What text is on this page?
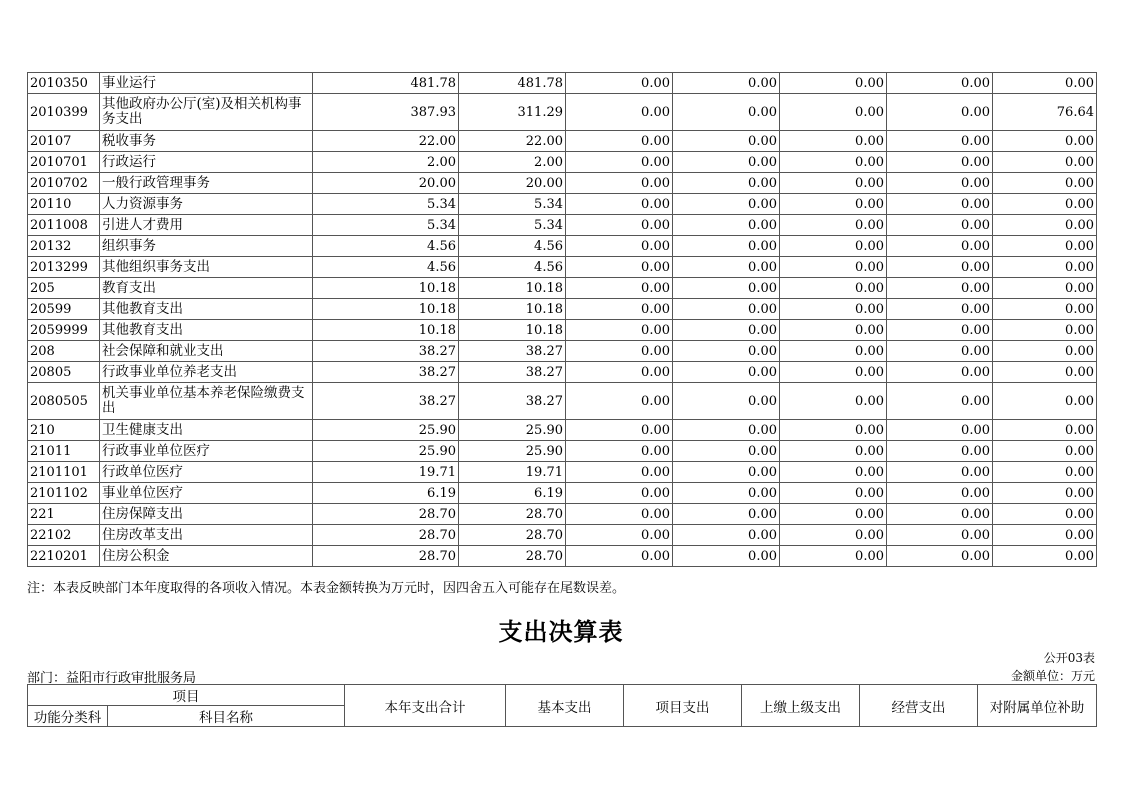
2010350	事业运行	481.78	481.78	0.00	0.00	0.00	0.00	0.00
2010399	其他政府办公厅(室)及相关机构事务支出	387.93	311.29	0.00	0.00	0.00	0.00	76.64
20107	税收事务	22.00	22.00	0.00	0.00	0.00	0.00	0.00
2010701	行政运行	2.00	2.00	0.00	0.00	0.00	0.00	0.00
2010702	一般行政管理事务	20.00	20.00	0.00	0.00	0.00	0.00	0.00
20110	人力资源事务	5.34	5.34	0.00	0.00	0.00	0.00	0.00
2011008	引进人才费用	5.34	5.34	0.00	0.00	0.00	0.00	0.00
20132	组织事务	4.56	4.56	0.00	0.00	0.00	0.00	0.00
2013299	其他组织事务支出	4.56	4.56	0.00	0.00	0.00	0.00	0.00
205	教育支出	10.18	10.18	0.00	0.00	0.00	0.00	0.00
20599	其他教育支出	10.18	10.18	0.00	0.00	0.00	0.00	0.00
2059999	其他教育支出	10.18	10.18	0.00	0.00	0.00	0.00	0.00
208	社会保障和就业支出	38.27	38.27	0.00	0.00	0.00	0.00	0.00
20805	行政事业单位养老支出	38.27	38.27	0.00	0.00	0.00	0.00	0.00
2080505	机关事业单位基本养老保险缴费支出	38.27	38.27	0.00	0.00	0.00	0.00	0.00
210	卫生健康支出	25.90	25.90	0.00	0.00	0.00	0.00	0.00
21011	行政事业单位医疗	25.90	25.90	0.00	0.00	0.00	0.00	0.00
2101101	行政单位医疗	19.71	19.71	0.00	0.00	0.00	0.00	0.00
2101102	事业单位医疗	6.19	6.19	0.00	0.00	0.00	0.00	0.00
221	住房保障支出	28.70	28.70	0.00	0.00	0.00	0.00	0.00
22102	住房改革支出	28.70	28.70	0.00	0.00	0.00	0.00	0.00
2210201	住房公积金	28.70	28.70	0.00	0.00	0.00	0.00	0.00
注：本表反映部门本年度取得的各项收入情况。本表金额转换为万元时，因四舍五入可能存在尾数误差。
支出决算表
公开03表
部门：益阳市行政审批服务局	金额单位：万元
项目		本年支出合计	基本支出	项目支出	上缴上级支出	经营支出	对附属单位补助
功能分类科	科目名称						
